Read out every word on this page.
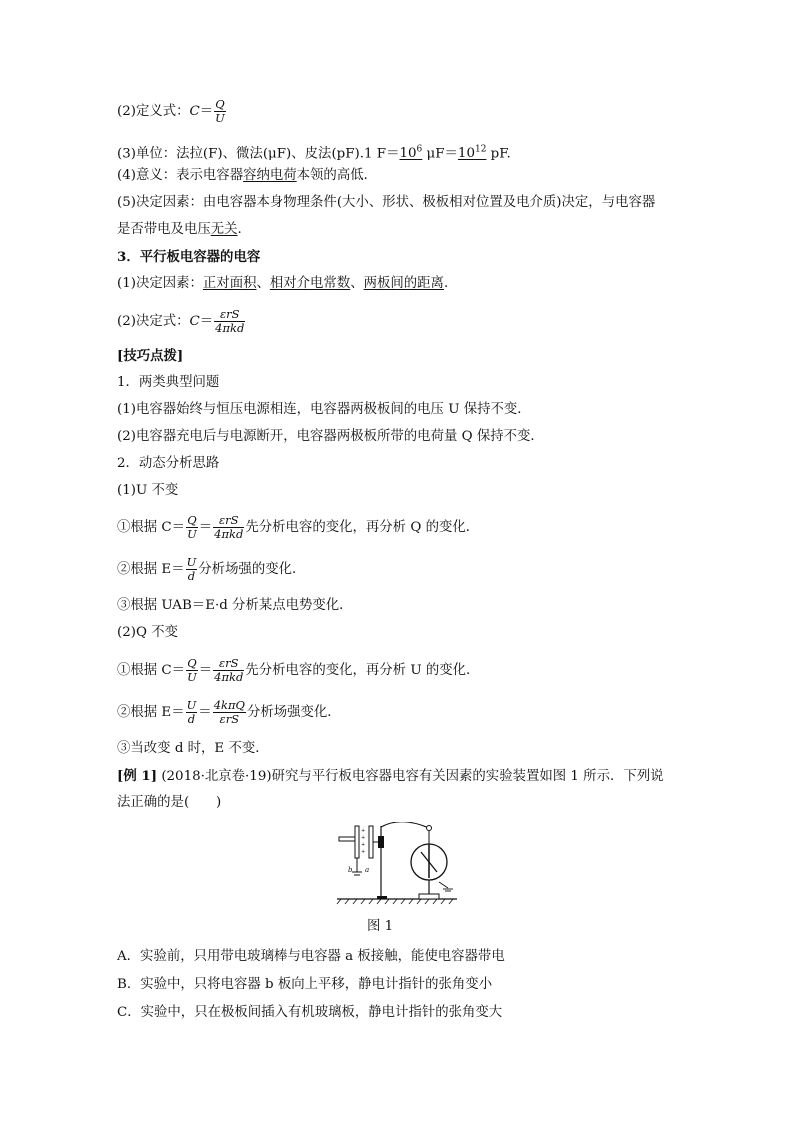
(2)定义式：$C= \frac{Q}{U}$
(3)单位：法拉(F)、微法(μF)、皮法(pF).1 $F=10^6$ $\mu F=10^{12}$ pF.
(4)意义：表示电容器容纳电荷本领的高低．
(5)决定因素：由电容器本身物理条件(大小、形状、极板相对位置及电介质)决定，与电容器
是否带电及电压无关.
3．平行板电容器的电容
(1)决定因素：正对面积、相对介电常数、两板间的距离.
(2)决定式：$C= \frac{\text{εrS}}{\text{4πkd}}$
[技巧点拨]
1．两类典型问题
(1)电容器始终与恒压电源相连，电容器两极板间的电压 U 保持不变．
(2)电容器充电后与电源断开，电容器两极板所带的电荷量 Q 保持不变．
2．动态分析思路
(1)U 不变
①根据 $C= \frac{Q}{U} = \frac{\text{εrS}}{\text{4πkd}}$ 先分析电容的变化，再分析 Q 的变化．
②根据 $E= \frac{U}{d}$ 分析场强的变化．
③根据 UAB＝E·d 分析某点电势变化．
(2)Q 不变
①根据 $C= \frac{Q}{U} = \frac{\text{εrS}}{\text{4πkd}}$ 先分析电容的变化，再分析 U 的变化．
②根据 $E= \frac{U}{d} = \frac{\text{4kπQ}}{\text{εrS}}$ 分析场强变化．
③当改变 d 时，E 不变．
[例 1] (2018·北京卷·19)研究与平行板电容器电容有关因素的实验装置如图 1 所示．下列说
法正确的是(　　)
+
+
+
+
b a
图 1
A．实验前，只用带电玻璃棒与电容器 a 板接触，能使电容器带电
B．实验中，只将电容器 b 板向上平移，静电计指针的张角变小
C．实验中，只在极板间插入有机玻璃板，静电计指针的张角变大
